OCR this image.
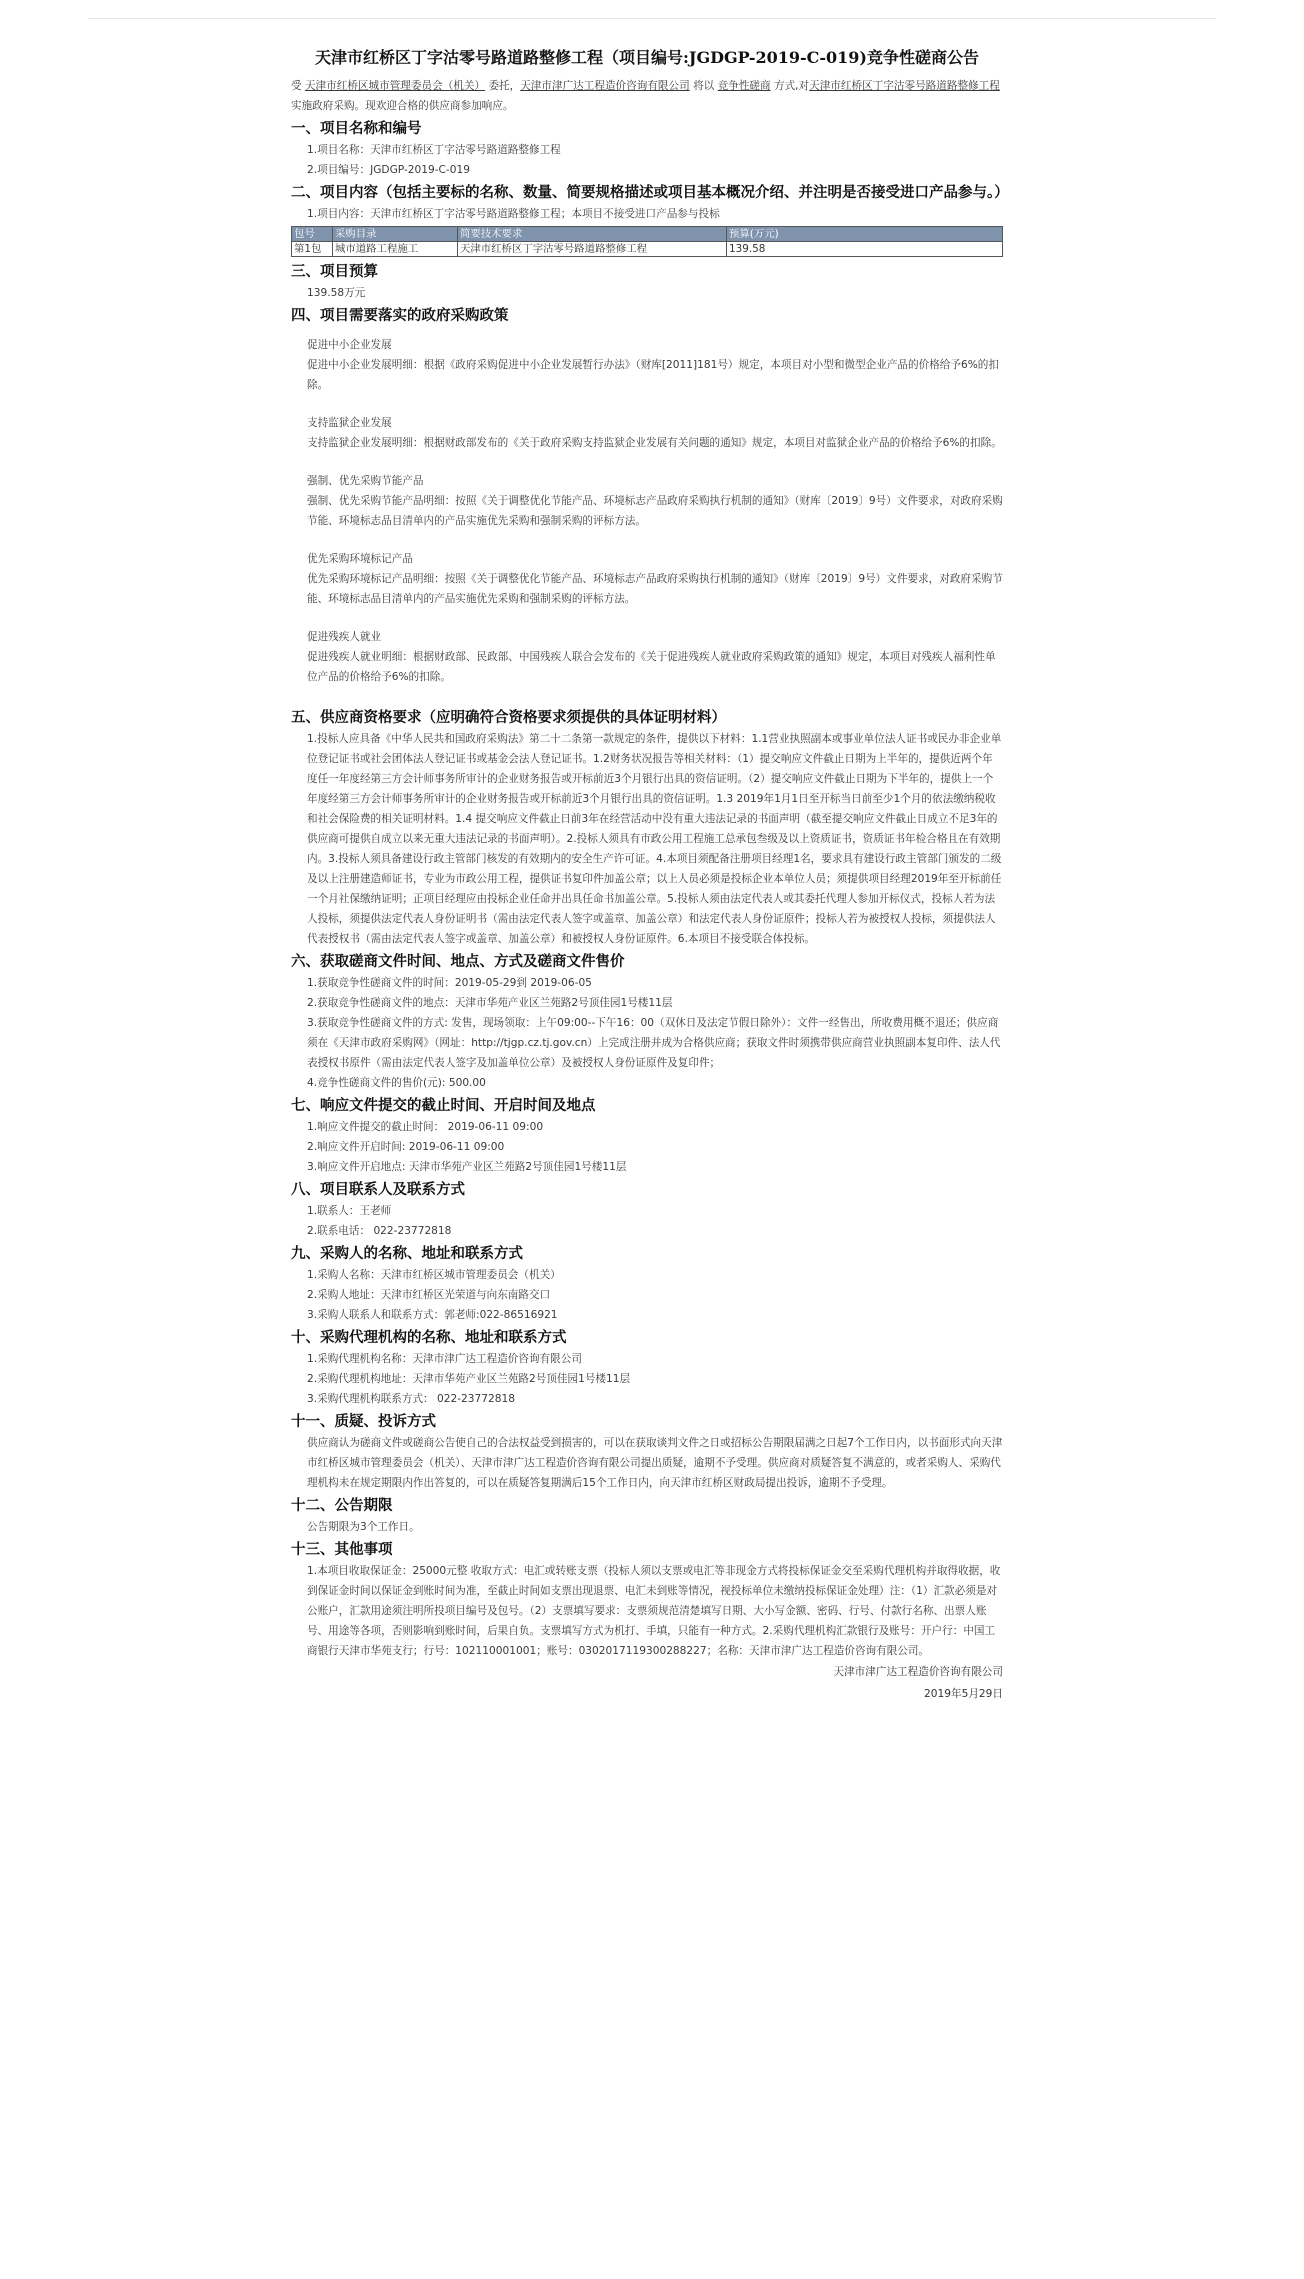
天津市红桥区丁字沽零号路道路整修工程（项目编号:JGDGP-2019-C-019)竞争性磋商公告

受 天津市红桥区城市管理委员会（机关） 委托，天津市津广达工程造价咨询有限公司 将以 竞争性磋商 方式,对天津市红桥区丁字沽零号路道路整修工程 实施政府采购。现欢迎合格的供应商参加响应。

一、项目名称和编号

1.项目名称：天津市红桥区丁字沽零号路道路整修工程

2.项目编号：JGDGP-2019-C-019

二、项目内容（包括主要标的名称、数量、简要规格描述或项目基本概况介绍、并注明是否接受进口产品参与。）

1.项目内容：天津市红桥区丁字沽零号路道路整修工程；本项目不接受进口产品参与投标

包号	采购目录	简要技术要求	预算(万元)
第1包	城市道路工程施工	天津市红桥区丁字沽零号路道路整修工程	139.58
三、项目预算

139.58万元

四、项目需要落实的政府采购政策

促进中小企业发展

促进中小企业发展明细：根据《政府采购促进中小企业发展暂行办法》（财库[2011]181号）规定，本项目对小型和微型企业产品的价格给予6%的扣除。

支持监狱企业发展

支持监狱企业发展明细：根据财政部发布的《关于政府采购支持监狱企业发展有关问题的通知》规定，本项目对监狱企业产品的价格给予6%的扣除。

强制、优先采购节能产品

强制、优先采购节能产品明细：按照《关于调整优化节能产品、环境标志产品政府采购执行机制的通知》（财库〔2019〕9号）文件要求，对政府采购节能、环境标志品目清单内的产品实施优先采购和强制采购的评标方法。

优先采购环境标记产品

优先采购环境标记产品明细：按照《关于调整优化节能产品、环境标志产品政府采购执行机制的通知》（财库〔2019〕9号）文件要求，对政府采购节能、环境标志品目清单内的产品实施优先采购和强制采购的评标方法。

促进残疾人就业

促进残疾人就业明细：根据财政部、民政部、中国残疾人联合会发布的《关于促进残疾人就业政府采购政策的通知》规定，本项目对残疾人福利性单位产品的价格给予6%的扣除。

五、供应商资格要求（应明确符合资格要求须提供的具体证明材料）

1.投标人应具备《中华人民共和国政府采购法》第二十二条第一款规定的条件，提供以下材料：1.1营业执照副本或事业单位法人证书或民办非企业单位登记证书或社会团体法人登记证书或基金会法人登记证书。1.2财务状况报告等相关材料：（1）提交响应文件截止日期为上半年的，提供近两个年度任一年度经第三方会计师事务所审计的企业财务报告或开标前近3个月银行出具的资信证明。（2）提交响应文件截止日期为下半年的，提供上一个年度经第三方会计师事务所审计的企业财务报告或开标前近3个月银行出具的资信证明。1.3 2019年1月1日至开标当日前至少1个月的依法缴纳税收和社会保险费的相关证明材料。1.4 提交响应文件截止日前3年在经营活动中没有重大违法记录的书面声明（截至提交响应文件截止日成立不足3年的供应商可提供自成立以来无重大违法记录的书面声明）。2.投标人须具有市政公用工程施工总承包叁级及以上资质证书，资质证书年检合格且在有效期内。3.投标人须具备建设行政主管部门核发的有效期内的安全生产许可证。4.本项目须配备注册项目经理1名，要求具有建设行政主管部门颁发的二级及以上注册建造师证书，专业为市政公用工程，提供证书复印件加盖公章；以上人员必须是投标企业本单位人员；须提供项目经理2019年至开标前任一个月社保缴纳证明；正项目经理应由投标企业任命并出具任命书加盖公章。5.投标人须由法定代表人或其委托代理人参加开标仪式，投标人若为法人投标，须提供法定代表人身份证明书（需由法定代表人签字或盖章、加盖公章）和法定代表人身份证原件；投标人若为被授权人投标，须提供法人代表授权书（需由法定代表人签字或盖章、加盖公章）和被授权人身份证原件。6.本项目不接受联合体投标。

六、获取磋商文件时间、地点、方式及磋商文件售价

1.获取竞争性磋商文件的时间：2019-05-29到 2019-06-05

2.获取竞争性磋商文件的地点：天津市华苑产业区兰苑路2号顶佳园1号楼11层

3.获取竞争性磋商文件的方式: 发售，现场领取：上午09:00--下午16：00（双休日及法定节假日除外）：文件一经售出，所收费用概不退还；供应商须在《天津市政府采购网》（网址：http://tjgp.cz.tj.gov.cn）上完成注册并成为合格供应商；获取文件时须携带供应商营业执照副本复印件、法人代表授权书原件（需由法定代表人签字及加盖单位公章）及被授权人身份证原件及复印件；

4.竞争性磋商文件的售价(元): 500.00

七、响应文件提交的截止时间、开启时间及地点

1.响应文件提交的截止时间： 2019-06-11 09:00

2.响应文件开启时间: 2019-06-11 09:00

3.响应文件开启地点: 天津市华苑产业区兰苑路2号顶佳园1号楼11层

八、项目联系人及联系方式

1.联系人：王老师

2.联系电话： 022-23772818

九、采购人的名称、地址和联系方式

1.采购人名称：天津市红桥区城市管理委员会（机关）

2.采购人地址：天津市红桥区光荣道与向东南路交口

3.采购人联系人和联系方式：郭老师:022-86516921

十、采购代理机构的名称、地址和联系方式

1.采购代理机构名称：天津市津广达工程造价咨询有限公司

2.采购代理机构地址：天津市华苑产业区兰苑路2号顶佳园1号楼11层

3.采购代理机构联系方式： 022-23772818

十一、质疑、投诉方式

供应商认为磋商文件或磋商公告使自己的合法权益受到损害的，可以在获取谈判文件之日或招标公告期限届满之日起7个工作日内，以书面形式向天津市红桥区城市管理委员会（机关）、天津市津广达工程造价咨询有限公司提出质疑，逾期不予受理。供应商对质疑答复不满意的，或者采购人、采购代理机构未在规定期限内作出答复的，可以在质疑答复期满后15个工作日内，向天津市红桥区财政局提出投诉，逾期不予受理。

十二、公告期限

公告期限为3个工作日。

十三、其他事项

1.本项目收取保证金：25000元整 收取方式：电汇或转账支票（投标人须以支票或电汇等非现金方式将投标保证金交至采购代理机构并取得收据，收到保证金时间以保证金到账时间为准，至截止时间如支票出现退票、电汇未到账等情况，视投标单位未缴纳投标保证金处理）注：（1）汇款必须是对公账户，汇款用途须注明所投项目编号及包号。（2）支票填写要求：支票须规范清楚填写日期、大小写金额、密码、行号、付款行名称、出票人账号、用途等各项，否则影响到账时间，后果自负。支票填写方式为机打、手填，只能有一种方式。2.采购代理机构汇款银行及账号：开户行：中国工商银行天津市华苑支行；行号：102110001001；账号：0302017119300288227；名称：天津市津广达工程造价咨询有限公司。

天津市津广达工程造价咨询有限公司
2019年5月29日
